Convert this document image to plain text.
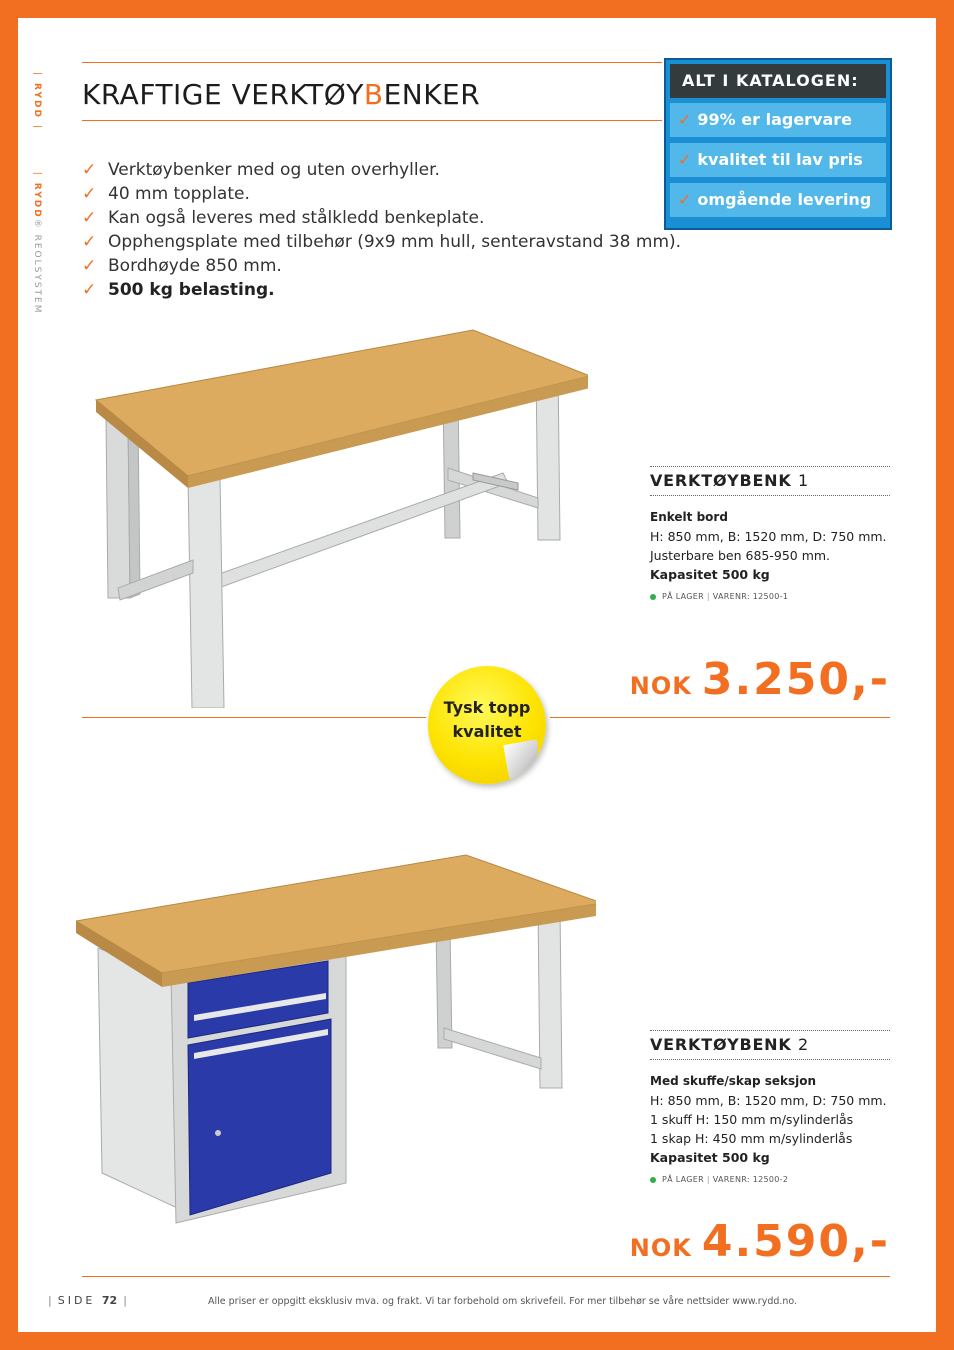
|RYDD|  |RYDD® REOLSYSTEM
KRAFTIGE VERKTØYBENKER	ALT I KATALOGEN:
✓ 99% er lagervare
✓ kvalitet til lav pris
✓ omgående levering
✓ Verktøybenker med og uten overhyller.
✓ 40 mm topplate.
✓ Kan også leveres med stålkledd benkeplate.
✓ Opphengsplate med tilbehør (9x9 mm hull, senteravstand 38 mm).
✓ Bordhøyde 850 mm.
✓ 500 kg belasting.
VERKTØYBENK 1
Enkelt bord
H: 850 mm, B: 1520 mm, D: 750 mm.
Justerbare ben 685-950 mm.
Kapasitet 500 kg
PÅ LAGER | VARENR: 12500-1
NOK 3.250,-
Tysk topp
kvalitet
VERKTØYBENK 2
Med skuffe/skap seksjon
H: 850 mm, B: 1520 mm, D: 750 mm.
1 skuff H: 150 mm m/sylinderlås
1 skap H: 450 mm m/sylinderlås
Kapasitet 500 kg
PÅ LAGER | VARENR: 12500-2
NOK 4.590,-
| SIDE 72 |	Alle priser er oppgitt eksklusiv mva. og frakt. Vi tar forbehold om skrivefeil. For mer tilbehør se våre nettsider www.rydd.no.
